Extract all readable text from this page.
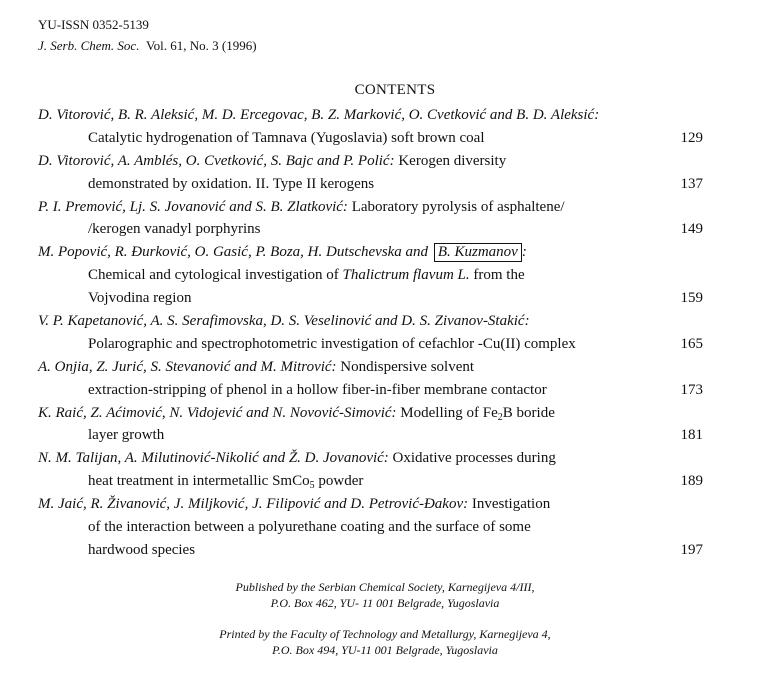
YU-ISSN 0352-5139
J. Serb. Chem. Soc. Vol. 61, No. 3 (1996)
CONTENTS
D. Vitorović, B. R. Aleksić, M. D. Ercegovac, B. Z. Marković, O. Cvetković and B. D. Aleksić:
Catalytic hydrogenation of Tamnava (Yugoslavia) soft brown coal	129
D. Vitorović, A. Amblés, O. Cvetković, S. Bajc and P. Polić: Kerogen diversity
demonstrated by oxidation. II. Type II kerogens	137
P. I. Premović, Lj. S. Jovanović and S. B. Zlatković: Laboratory pyrolysis of asphaltene/
/kerogen vanadyl porphyrins	149
M. Popović, R. Đurković, O. Gasić, P. Boza, H. Dutschevska and B. Kuzmanov :
Chemical and cytological investigation of Thalictrum flavum L. from the
Vojvodina region	159
V. P. Kapetanović, A. S. Serafimovska, D. S. Veselinović and D. S. Zivanov-Stakić:
Polarographic and spectrophotometric investigation of cefachlor -Cu(II) complex	165
A. Onjia, Z. Jurić, S. Stevanović and M. Mitrović: Nondispersive solvent
extraction-stripping of phenol in a hollow fiber-in-fiber membrane contactor	173
K. Raić, Z. Aćimović, N. Vidojević and N. Novović-Simović: Modelling of $Fe_2B$ boride
layer growth	181
N. M. Talijan, A. Milutinović-Nikolić and Ž. D. Jovanović: Oxidative processes during
heat treatment in intermetallic SmCo$_5$ powder	189
M. Jaić, R. Živanović, J. Miljković, J. Filipović and D. Petrović-Đakov: Investigation
of the interaction between a polyurethane coating and the surface of some
hardwood species	197
Published by the Serbian Chemical Society, Karnegijeva 4/III,
P.O. Box 462, YU- 11 001 Belgrade, Yugoslavia
Printed by the Faculty of Technology and Metallurgy, Karnegijeva 4,
P.O. Box 494, YU-11 001 Belgrade, Yugoslavia
